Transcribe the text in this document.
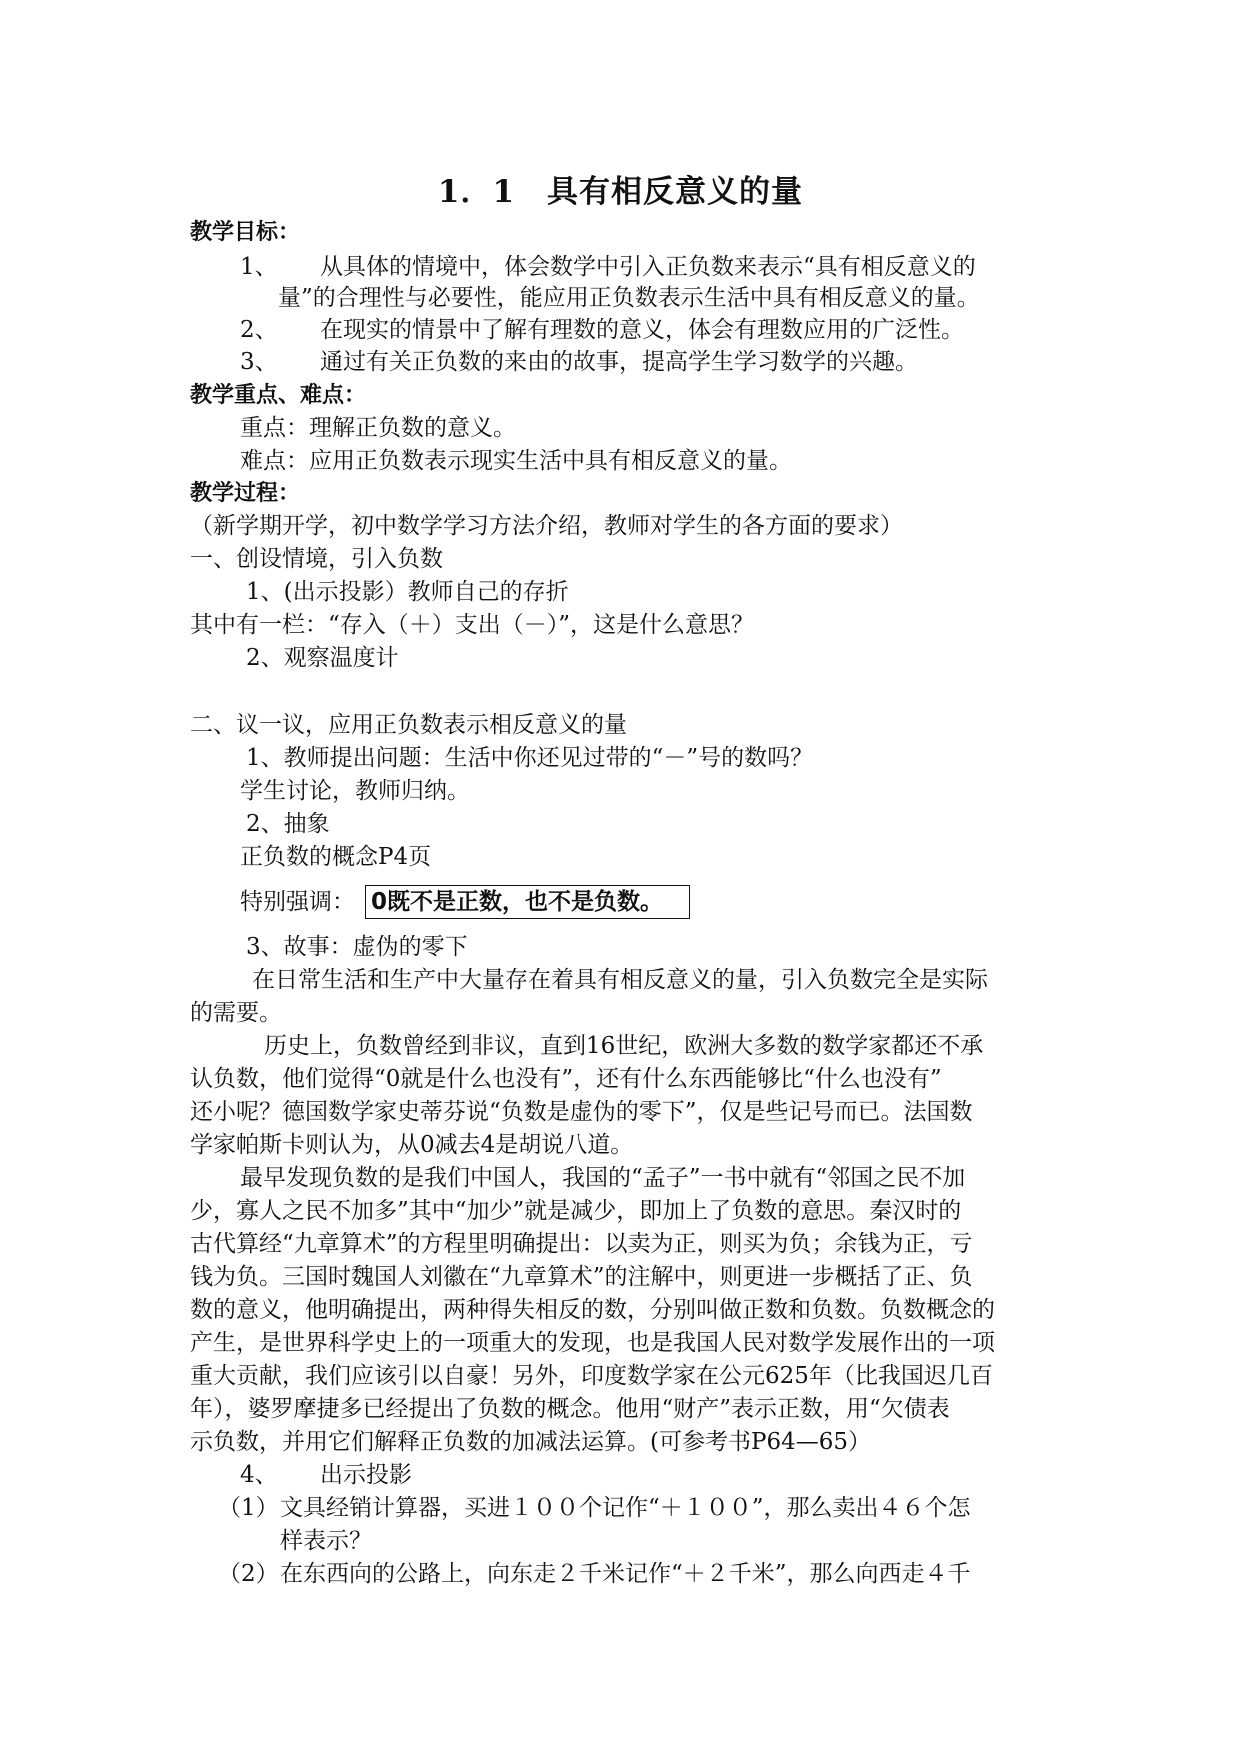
1．1　具有相反意义的量
教学目标：
1、 从具体的情境中，体会数学中引入正负数来表示“具有相反意义的
量”的合理性与必要性，能应用正负数表示生活中具有相反意义的量。
2、 在现实的情景中了解有理数的意义，体会有理数应用的广泛性。
3、 通过有关正负数的来由的故事，提高学生学习数学的兴趣。
教学重点、难点：
重点：理解正负数的意义。
难点：应用正负数表示现实生活中具有相反意义的量。
教学过程：
（新学期开学，初中数学学习方法介绍，教师对学生的各方面的要求）
一、创设情境，引入负数
1、(出示投影）教师自己的存折
其中有一栏：“存入（＋）支出（－）”，这是什么意思？
2、观察温度计
二、议一议，应用正负数表示相反意义的量
1、教师提出问题：生活中你还见过带的“－”号的数吗？
学生讨论，教师归纳。
2、抽象
正负数的概念P4页
特别强调： 0既不是正数，也不是负数。
3、故事：虚伪的零下
在日常生活和生产中大量存在着具有相反意义的量，引入负数完全是实际
的需要。
历史上，负数曾经到非议，直到16世纪，欧洲大多数的数学家都还不承
认负数，他们觉得“0就是什么也没有”，还有什么东西能够比“什么也没有”
还小呢？德国数学家史蒂芬说“负数是虚伪的零下”，仅是些记号而已。法国数
学家帕斯卡则认为，从0减去4是胡说八道。
最早发现负数的是我们中国人，我国的“孟子”一书中就有“邻国之民不加
少，寡人之民不加多”其中“加少”就是减少，即加上了负数的意思。秦汉时的
古代算经“九章算术”的方程里明确提出：以卖为正，则买为负；余钱为正，亏
钱为负。三国时魏国人刘徽在“九章算术”的注解中，则更进一步概括了正、负
数的意义，他明确提出，两种得失相反的数，分别叫做正数和负数。负数概念的
产生，是世界科学史上的一项重大的发现，也是我国人民对数学发展作出的一项
重大贡献，我们应该引以自豪！另外，印度数学家在公元625年（比我国迟几百
年），婆罗摩捷多已经提出了负数的概念。他用“财产”表示正数，用“欠债表
示负数，并用它们解释正负数的加减法运算。(可参考书P64—65）
4、 出示投影
（1） 文具经销计算器，买进１００个记作“＋１００”，那么卖出４６个怎
样表示？
（2） 在东西向的公路上，向东走２千米记作“＋２千米”，那么向西走４千
